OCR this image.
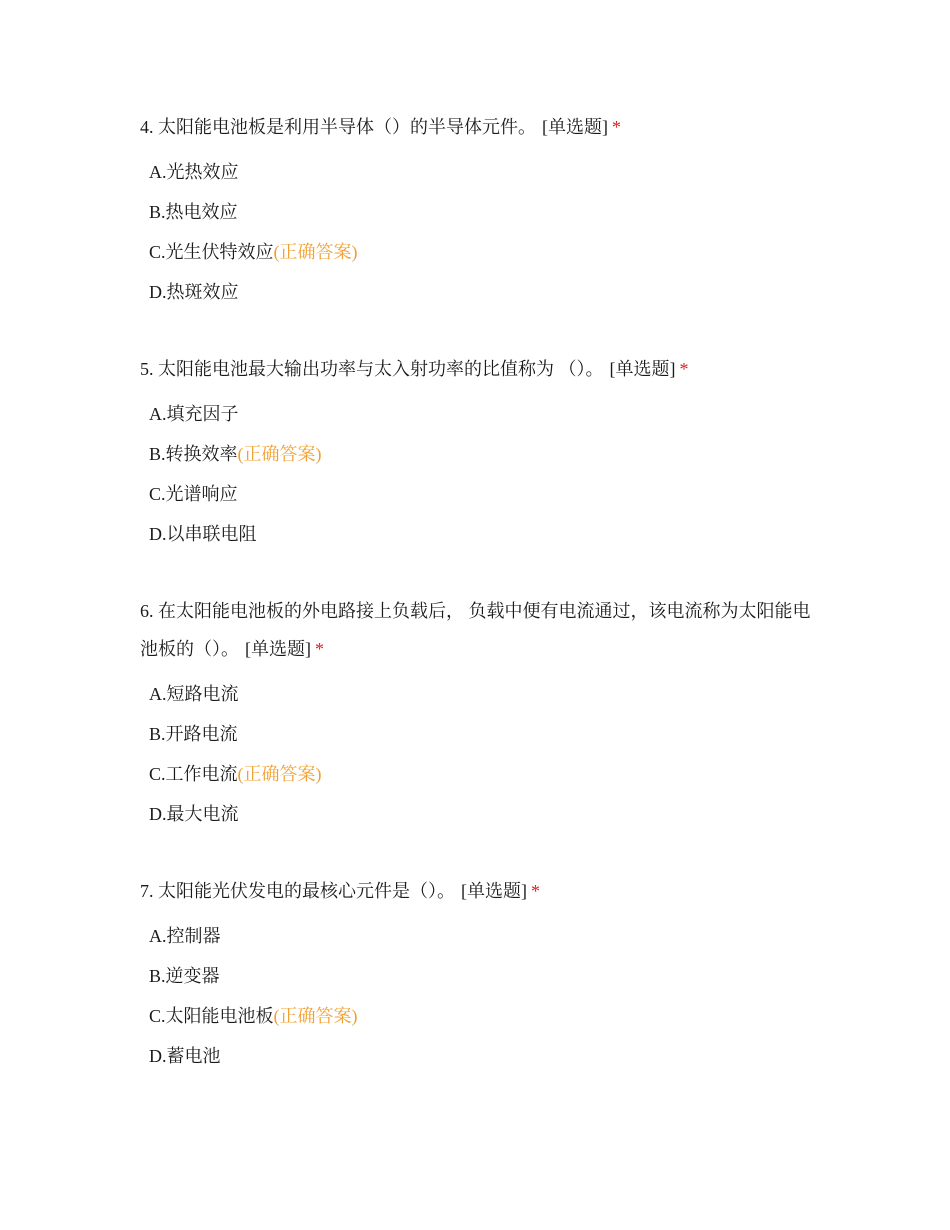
4. 太阳能电池板是利用半导体（）的半导体元件。 [单选题] *
A.光热效应
B.热电效应
C.光生伏特效应(正确答案)
D.热斑效应
5. 太阳能电池最大输出功率与太入射功率的比值称为 （）。 [单选题] *
A.填充因子
B.转换效率(正确答案)
C.光谱响应
D.以串联电阻
6. 在太阳能电池板的外电路接上负载后， 负载中便有电流通过，该电流称为太阳能电池板的（）。 [单选题] *
A.短路电流
B.开路电流
C.工作电流(正确答案)
D.最大电流
7. 太阳能光伏发电的最核心元件是（）。 [单选题] *
A.控制器
B.逆变器
C.太阳能电池板(正确答案)
D.蓄电池
